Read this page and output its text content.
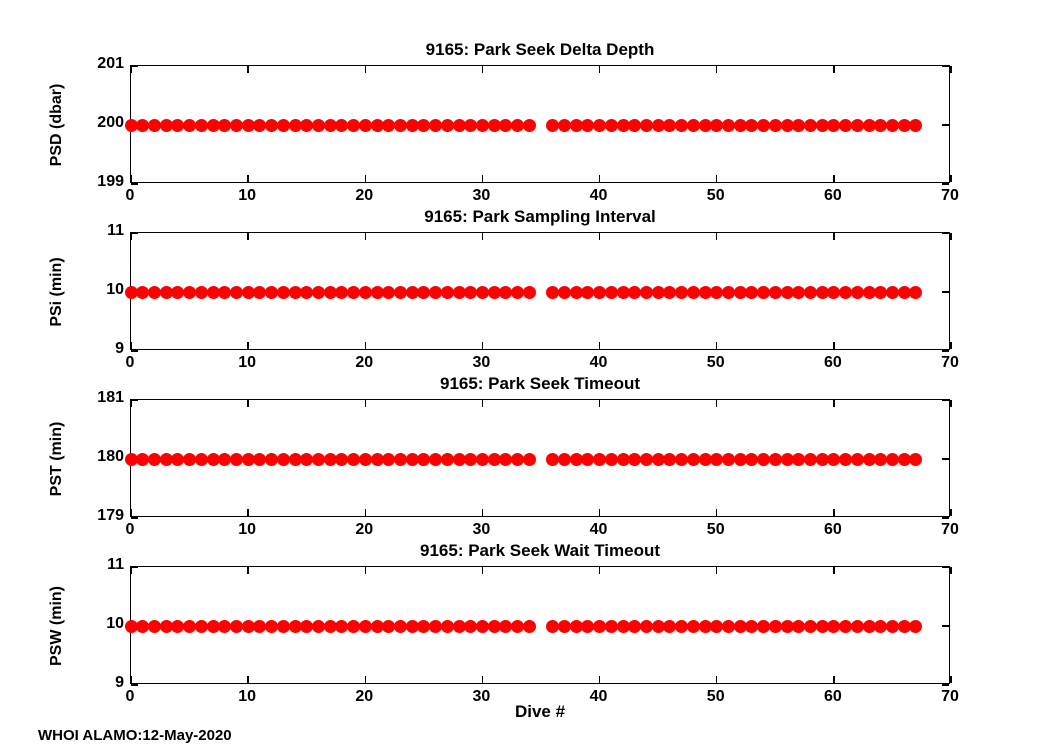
9165: Park Seek Delta Depth
PSD (dbar)
0	10	20	30	40	50	60	70
199
200
201
9165: Park Sampling Interval
PSi (min)
0	10	20	30	40	50	60	70
9
10
11
9165: Park Seek Timeout
PST (min)
0	10	20	30	40	50	60	70
179
180
181
9165: Park Seek Wait Timeout
PSW (min)
0	10	20	30	40	50	60	70
9
10
11
Dive #
WHOI ALAMO:12-May-2020
